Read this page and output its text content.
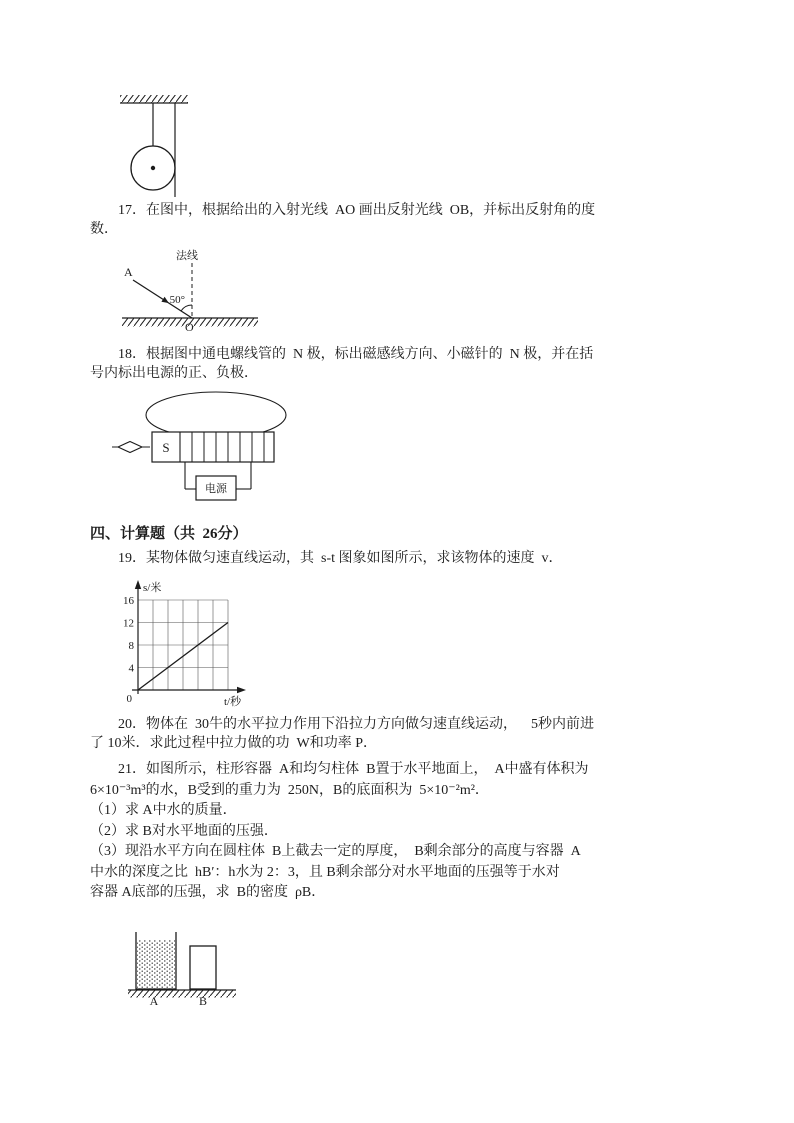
17．在图中，根据给出的入射光线  AO 画出反射光线  OB，并标出反射角的度
数．
法线
A
50°
O
18．根据图中通电螺线管的  N 极，标出磁感线方向、小磁针的  N 极，并在括
号内标出电源的正、负极．
S
电源
四、计算题（共  26分）
19．某物体做匀速直线运动，其  s-t 图象如图所示，求该物体的速度  v．
s/米
t/秒
16
12
8
4
0
20．物体在  30牛的水平拉力作用下沿拉力方向做匀速直线运动，    5秒内前进
了 10米．求此过程中拉力做的功  W和功率 P．
21．如图所示，柱形容器  A和均匀柱体  B置于水平地面上，  A中盛有体积为
6×10⁻³m³的水，B受到的重力为  250N，B的底面积为  5×10⁻²m²．
（1）求 A中水的质量．
（2）求 B对水平地面的压强．
（3）现沿水平方向在圆柱体  B上截去一定的厚度，  B剩余部分的高度与容器  A
中水的深度之比  hB′：h水为 2：3，且 B剩余部分对水平地面的压强等于水对
容器 A底部的压强，求  B的密度  ρB．
A	B
